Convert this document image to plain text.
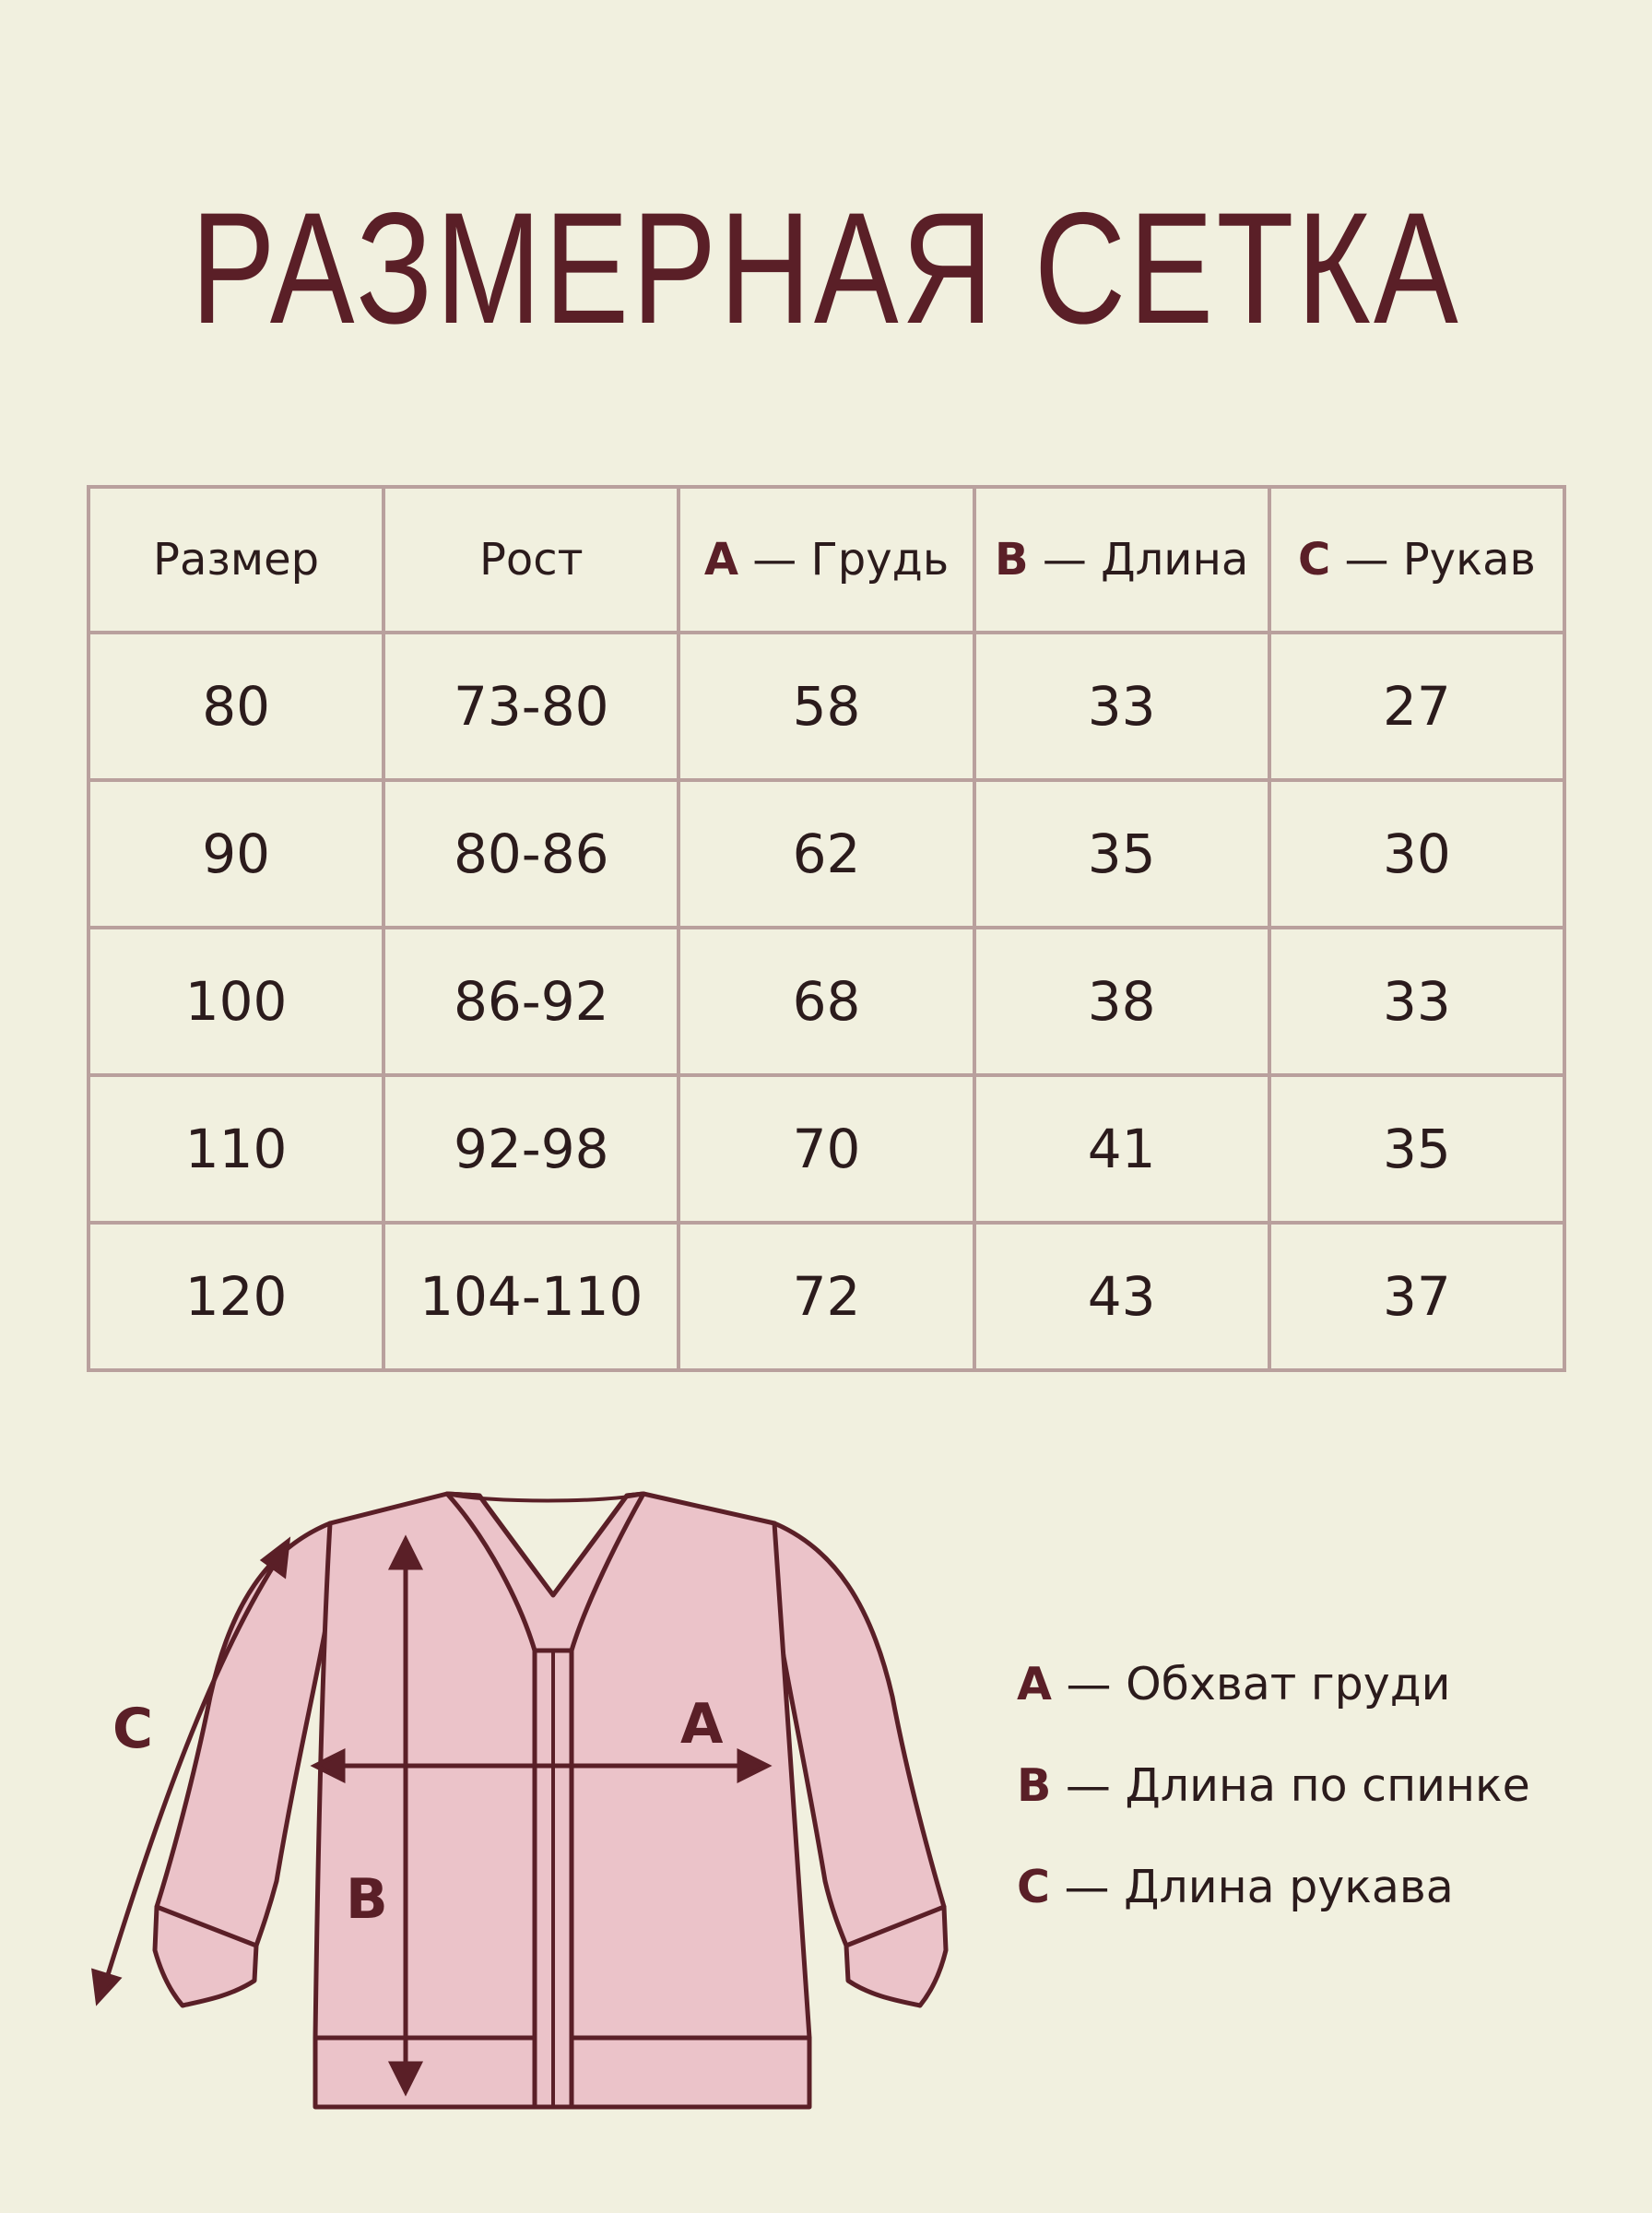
РАЗМЕРНАЯ СЕТКА
Размер	Рост	A — Грудь	B — Длина	C — Рукав
80	73-80	58	33	27
90	80-86	62	35	30
100	86-92	68	38	33
110	92-98	70	41	35
120	104-110	72	43	37
A
B
C
A — Обхват груди
B — Длина по спинке
C — Длина рукава
